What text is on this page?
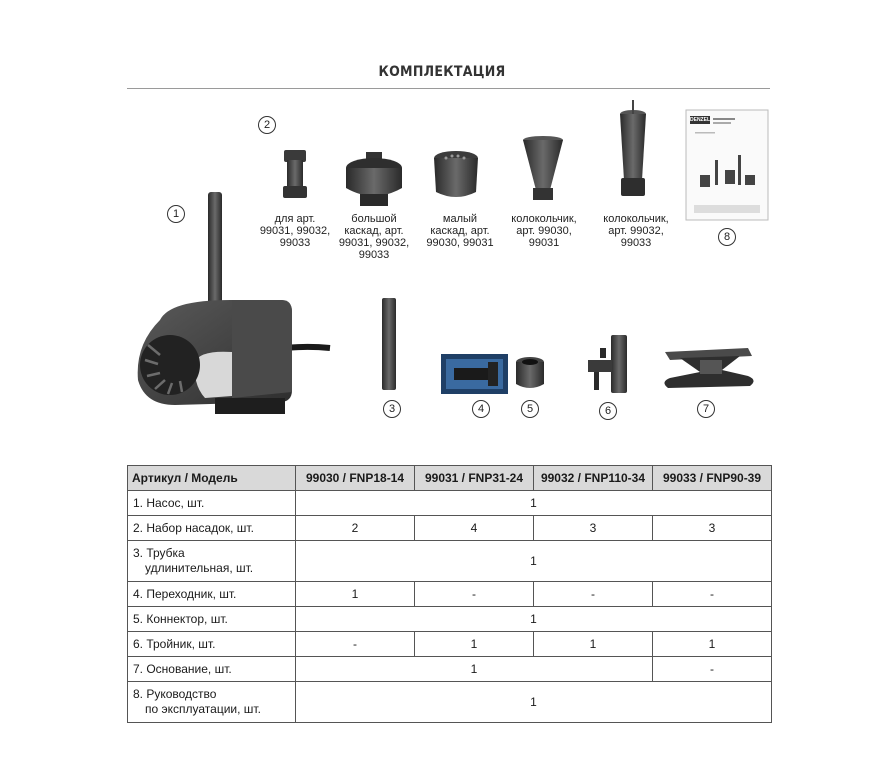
КОМПЛЕКТАЦИЯ
1
2
3	4	5	6	7
8
для арт.
99031, 99032,
99033
большой
каскад, арт.
99031, 99032,
99033
малый
каскад, арт.
99030, 99031
колокольчик,
арт. 99030,
99031
колокольчик,
арт. 99032,
99033
DENZEL
Артикул / Модель	99030 / FNP18-14	99031 / FNP31-24	99032 / FNP110-34	99033 / FNP90-39
1. Насос, шт.	1			
2. Набор насадок, шт.	2	4	3	3

3. Трубка
удлинительная, шт.	1			
4. Переходник, шт.	1	-	-	-
5. Коннектор, шт.	1			
6. Тройник, шт.	-	1	1	1
7. Основание, шт.	1			-

8. Руководство
по эксплуатации, шт.	1			
